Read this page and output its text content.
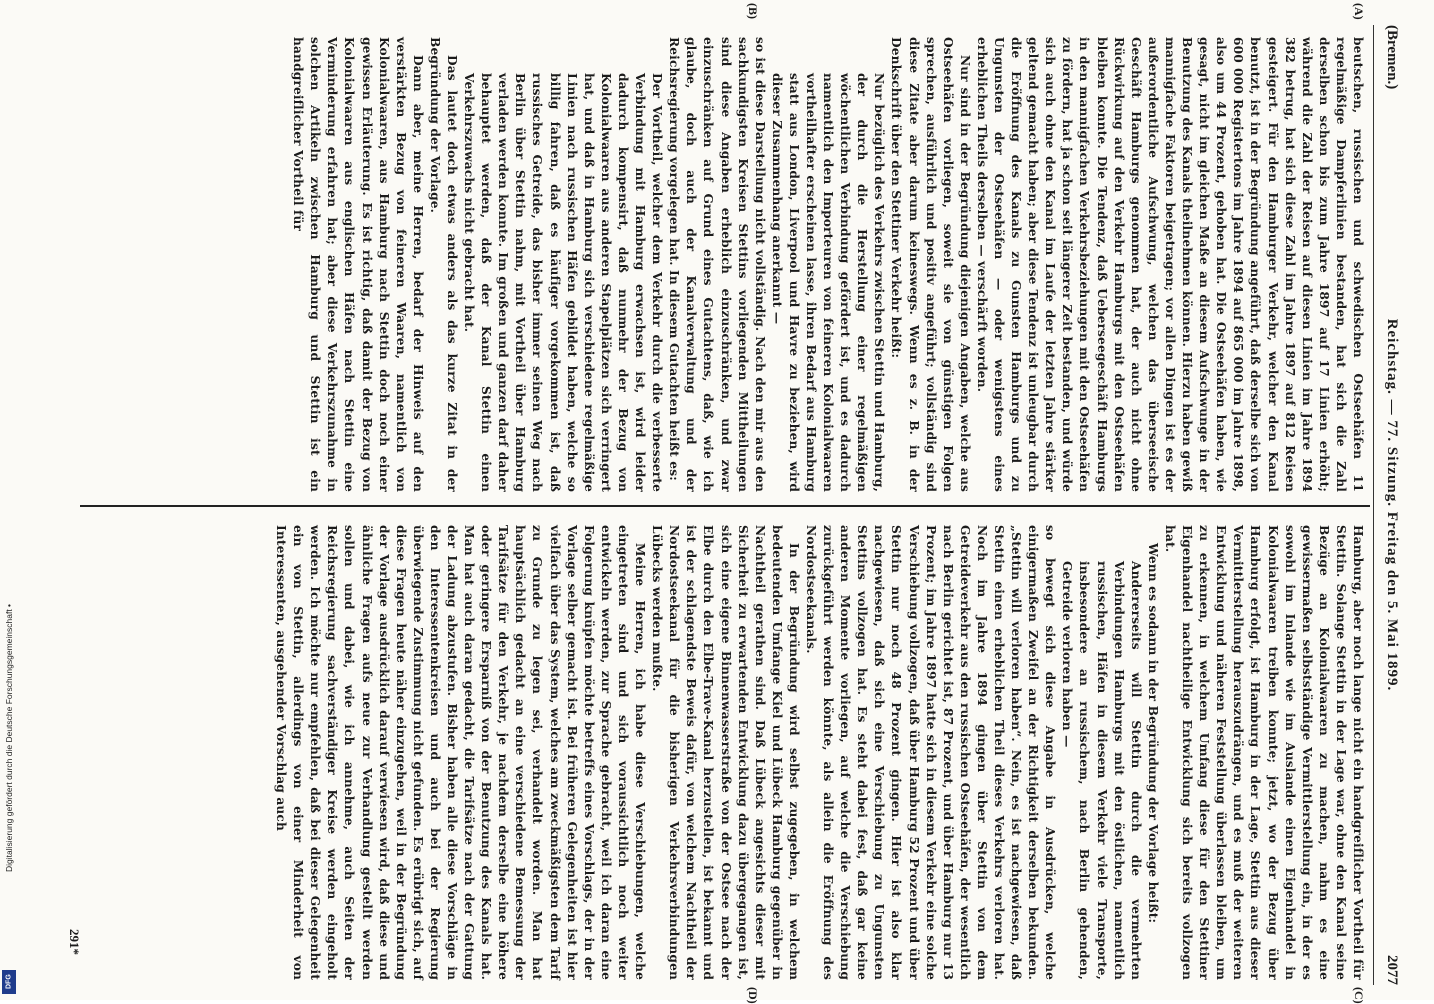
(Bremen.)
Reichstag. — 77. Sitzung. Freitag den 5. Mai 1899.
2077
(A)
(B)
(C)
(D)

beutschen, russischen und schwedischen Ostseehäfen 11 regelmäßige Dampferlinien bestanden, hat sich die Zahl derselben schon bis zum Jahre 1897 auf 17 Linien erhöht; während die Zahl der Reisen auf diesen Linien im Jahre 1894 382 betrug, hat sich diese Zahl im Jahre 1897 auf 812 Reisen gesteigert. Für den Hamburger Verkehr, welcher den Kanal benutzt, ist in der Begründung angeführt, daß derselbe sich von 600 000 Registertons im Jahre 1894 auf 865 000 im Jahre 1898, also um 44 Prozent, gehoben hat. Die Ostseehäfen haben, wie gesagt, nicht im gleichen Maße an diesem Aufschwunge in der Benutzung des Kanals theilnehmen können. Hierzu haben gewiß mannigfache Faktoren beigetragen; vor allen Dingen ist es der außerordentliche Aufschwung, welchen das überseeische Geschäft Hamburgs genommen hat, der auch nicht ohne Rückwirkung auf den Verkehr Hamburgs mit den Ostseehäfen bleiben konnte. Die Tendenz, daß Ueberseegeschäft Hamburgs in den mannigfachen Verkehrsbeziehungen mit den Ostseehäfen zu fördern, hat ja schon seit längerer Zeit bestanden, und würde sich auch ohne den Kanal im Laufe der letzten Jahre stärker geltend gemacht haben; aber diese Tendenz ist unleugbar durch die Eröffnung des Kanals zu Gunsten Hamburgs und zu Ungunsten der Ostseehäfen — oder wenigstens eines erheblichen Theils derselben — verschärft worden.

Nur sind in der Begründung diejenigen Angaben, welche aus Ostseehäfen vorliegen, soweit sie von günstigen Folgen sprechen, ausführlich und positiv angeführt; vollständig sind diese Zitate aber darum keineswegs. Wenn es z. B. in der Denkschrift über den Stettiner Verkehr heißt:

Nur bezüglich des Verkehrs zwischen Stettin und Hamburg, der durch die Herstellung einer regelmäßigen wöchentlichen Verbindung gefördert ist, und es dadurch namentlich den Importeuren von feineren Kolonialwaaren vortheilhafter erscheinen lasse, ihren Bedarf aus Hamburg statt aus London, Liverpool und Havre zu beziehen, wird dieser Zusammenhang anerkannt —

so ist diese Darstellung nicht vollständig. Nach den mir aus den sachkundigsten Kreisen Stettins vorliegenden Mittheilungen sind diese Angaben erheblich einzuschränken, und zwar einzuschränken auf Grund eines Gutachtens, daß, wie ich glaube, doch auch der Kanalverwaltung und der Reichsregierung vorgelegen hat. In diesem Gutachten heißt es:

Der Vortheil, welcher dem Verkehr durch die verbesserte Verbindung mit Hamburg erwachsen ist, wird leider dadurch kompensirt, daß nunmehr der Bezug von Kolonialwaaren aus anderen Stapelplätzen sich verringert hat, und daß in Hamburg sich verschiedene regelmäßige Linien nach russischen Häfen gebildet haben, welche so billig fahren, daß es häufiger vorgekommen ist, daß russisches Getreide, das bisher immer seinen Weg nach Berlin über Stettin nahm, mit Vortheil über Hamburg verladen werden konnte. Im großen und ganzen darf daher behauptet werden, daß der Kanal Stettin einen Verkehrszuwachs nicht gebracht hat.

Das lautet doch etwas anders als das kurze Zitat in der Begründung der Vorlage.

Dann aber, meine Herren, bedarf der Hinweis auf den verstärkten Bezug von feineren Waaren, namentlich von Kolonialwaaren, aus Hamburg nach Stettin doch noch einer gewissen Erläuterung. Es ist richtig, daß damit der Bezug von Kolonialwaaren aus englischen Häfen nach Stettin eine Verminderung erfahren hat; aber diese Verkehrszunahme in solchen Artikeln zwischen Hamburg und Stettin ist ein handgreiflicher Vortheil für

Hamburg, aber noch lange nicht ein handgreiflicher Vortheil für Stettin. Solange Stettin in der Lage war, ohne den Kanal seine Bezüge an Kolonialwaaren zu machen, nahm es eine gewissermaßen selbstständige Vermittlerstellung ein, in der es sowohl im Inlande wie im Auslande einen Eigenhandel in Kolonialwaaren treiben konnte; jetzt, wo der Bezug über Hamburg erfolgt, ist Hamburg in der Lage, Stettin aus dieser Vermittlerstellung herauszudrängen, und es muß der weiteren Entwicklung und näheren Feststellung überlassen bleiben, um zu erkennen, in welchem Umfang diese für den Stettiner Eigenhandel nachtheilige Entwicklung sich bereits vollzogen hat.

Wenn es sodann in der Begründung der Vorlage heißt:

Andererseits will Stettin durch die vermehrten Verbindungen Hamburgs mit den östlichen, namentlich russischen, Häfen in diesem Verkehr viele Transporte, insbesondere an russischem, nach Berlin gehenden, Getreide verloren haben —

so bewegt sich diese Angabe in Ausdrücken, welche einigermaßen Zweifel an der Richtigkeit derselben bekunden. „Stettin will verloren haben“. Nein, es ist nachgewiesen, daß Stettin einen erheblichen Theil dieses Verkehrs verloren hat. Noch im Jahre 1894 gingen über Stettin von dem Getreideverkehr aus den russischen Ostseehäfen, der wesentlich nach Berlin gerichtet ist, 87 Prozent, und über Hamburg nur 13 Prozent; im Jahre 1897 hatte sich in diesem Verkehr eine solche Verschiebung vollzogen, daß über Hamburg 52 Prozent und über Stettin nur noch 48 Prozent gingen. Hier ist also klar nachgewiesen, daß sich eine Verschiebung zu Ungunsten Stettins vollzogen hat. Es steht dabei fest, daß gar keine anderen Momente vorliegen, auf welche die Verschiebung zurückgeführt werden könnte, als allein die Eröffnung des Nordostseekanals.

In der Begründung wird selbst zugegeben, in welchem bedeutenden Umfange Kiel und Lübeck Hamburg gegenüber in Nachtheil gerathen sind. Daß Lübeck angesichts dieser mit Sicherheit zu erwartenden Entwicklung dazu übergegangen ist, sich eine eigene Binnenwasserstraße von der Ostsee nach der Elbe durch den Elbe-Trave-Kanal herzustellen, ist bekannt und ist der schlagendste Beweis dafür, von welchem Nachtheil der Nordostseekanal für die bisherigen Verkehrsverbindungen Lübecks werden mußte.

Meine Herren, ich habe diese Verschiebungen, welche eingetreten sind und sich voraussichtlich noch weiter entwickeln werden, zur Sprache gebracht, weil ich daran eine Folgerung knüpfen möchte betreffs eines Vorschlags, der in der Vorlage selber gemacht ist. Bei früheren Gelegenheiten ist hier vielfach über das System, welches am zweckmäßigsten dem Tarif zu Grunde zu legen sei, verhandelt worden. Man hat hauptsächlich gedacht an eine verschiedene Bemessung der Tarifsätze für den Verkehr, je nachdem derselbe eine höhere oder geringere Ersparniß von der Benutzung des Kanals hat. Man hat auch daran gedacht, die Tarifsätze nach der Gattung der Ladung abzustufen. Bisher haben alle diese Vorschläge in den Interessentenkreisen und auch bei der Regierung überwiegende Zustimmung nicht gefunden. Es erübrigt sich, auf diese Fragen heute näher einzugehen, weil in der Begründung der Vorlage ausdrücklich darauf verwiesen wird, daß diese und ähnliche Fragen aufs neue zur Verhandlung gestellt werden sollen und dabei, wie ich annehme, auch Seiten der Reichsregierung sachverständiger Kreise werden eingeholt werden. Ich möchte nur empfehlen, daß bei dieser Gelegenheit ein von Stettin, allerdings von einer Minderheit von Interessenten, ausgehender Vorschlag auch

291*
Digitalisierung gefördert durch die Deutsche Forschungsgemeinschaft •
DFG
